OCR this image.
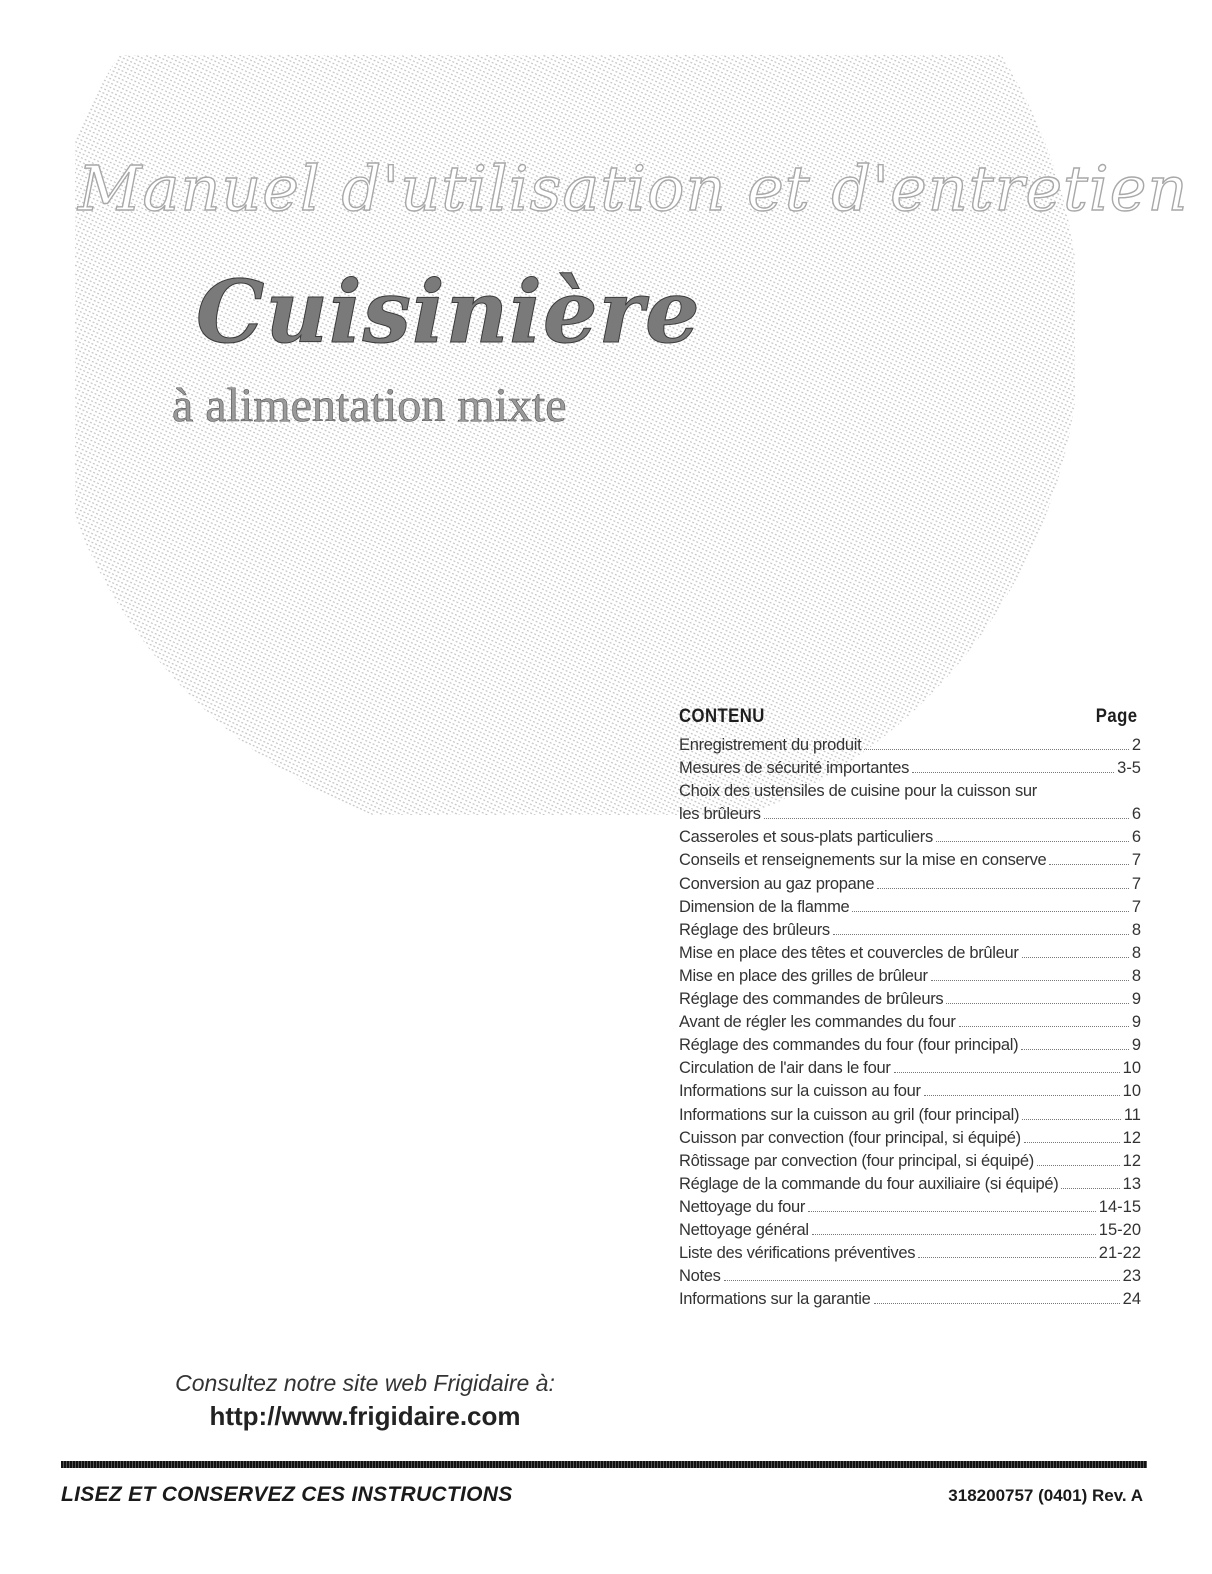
Manuel d'utilisation et d'entretien
Cuisinière
à alimentation mixte
CONTENU	Page
Enregistrement du produit	2
Mesures de sécurité importantes	3-5
Choix des ustensiles de cuisine pour la cuisson sur
les brûleurs	6
Casseroles et sous-plats particuliers	6
Conseils et renseignements sur la mise en conserve	7
Conversion au gaz propane	7
Dimension de la flamme	7
Réglage des brûleurs	8
Mise en place des têtes et couvercles de brûleur	8
Mise en place des grilles de brûleur	8
Réglage des commandes de brûleurs	9
Avant de régler les commandes du four	9
Réglage des commandes du four (four principal)	9
Circulation de l'air dans le four	10
Informations sur la cuisson au four	10
Informations sur la cuisson au gril (four principal)	11
Cuisson par convection (four principal, si équipé)	12
Rôtissage par convection (four principal, si équipé)	12
Réglage de la commande du four auxiliaire (si équipé)	13
Nettoyage du four	14-15
Nettoyage général	15-20
Liste des vérifications préventives	21-22
Notes	23
Informations sur la garantie	24
Consultez notre site web Frigidaire à:
http://www.frigidaire.com
LISEZ ET CONSERVEZ CES INSTRUCTIONS	318200757 (0401) Rev. A
